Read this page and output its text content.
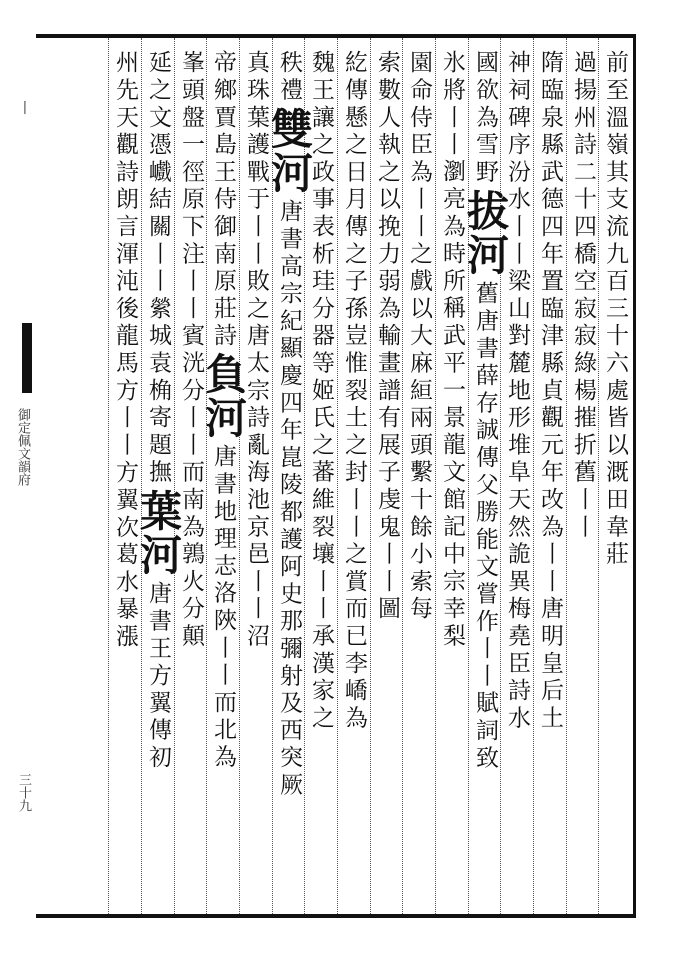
丨
御定佩文韻府
三十九
前至溫嶺其支流九百三十六處皆以溉田韋莊
過揚州詩二十四橋空寂寂綠楊摧折舊丨丨
隋臨泉縣武德四年置臨津縣貞觀元年改為丨丨唐明皇后土
神祠碑序汾水丨丨梁山對麓地形堆阜天然詭異梅堯臣詩水
國欲為雪野
拔河
舊唐書薛存誠傳父勝能文嘗作丨丨賦詞致
氷將丨丨
瀏亮為時所稱武平一景龍文館記中宗幸梨
園命侍臣為丨丨之戲以大麻絙兩頭繫十餘小索每
索數人執之以挽力弱為輸畫譜有展子虔鬼丨丨圖
紇傳懸之日月傳之子孫豈惟裂土之封丨丨之賞而已李嶠為
魏王讓之政事表析珪分器等姬氏之蕃維裂壤丨丨承漢家之
秩禮
雙河
唐書高宗紀顯慶四年崑陵都護阿史那彌射及西突厥
真珠葉護戰于丨丨敗之唐太宗詩亂海池京邑丨丨沼
帝鄉賈島王侍御南原莊詩
負河
唐書地理志洛陜丨丨而北為
峯頭盤一徑原下注丨丨
賓洸分丨丨而南為鶉火分顛
延之文憑巇結關丨丨縈城袁桷寄題撫
葉河
唐書王方翼傳初
州先天觀詩朗言渾沌後龍馬方丨丨
方翼次葛水暴漲
